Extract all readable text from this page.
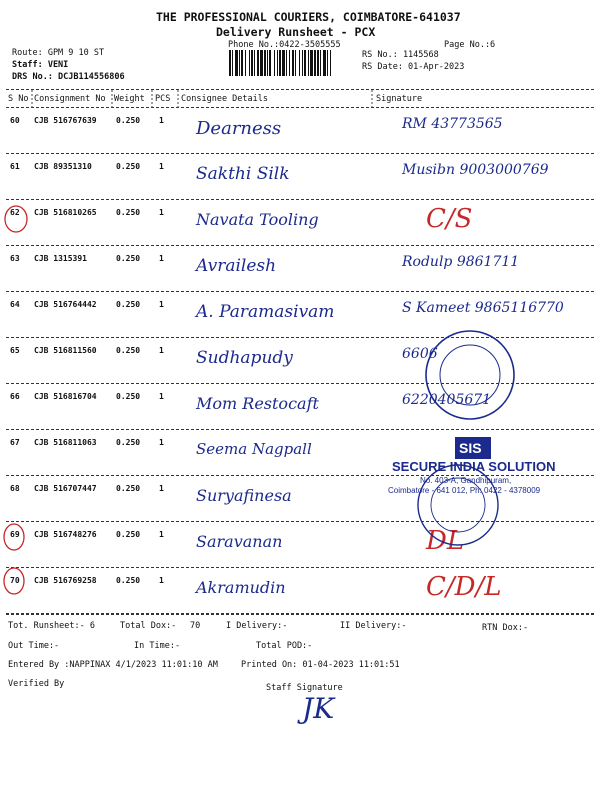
THE PROFESSIONAL COURIERS, COIMBATORE-641037
Delivery Runsheet - PCX
Phone No.:0422-3505555	Page No.:6
Route: GPM 9 10 ST
Staff: VENI
DRS No.: DCJB114556806
RS No.: 1145568
RS Date: 01-Apr-2023
S No Consignment No Weight PCS Consignee Details	Signature
60 CJB 516767639 0.250 1 Dearness	RM 43773565
61 CJB 89351310	0.250 1 Sakthi Silk	Musibn 9003000769
62 CJB 516810265 0.250 1 Navata Tooling	C/S
63 CJB 1315391	0.250 1 Avrailesh	Rodulp 9861711
64 CJB 516764442 0.250 1 A. Paramasivam	S Kameet 9865116770
65 CJB 516811560 0.250 1 Sudhapudy	6606
66 CJB 516816704 0.250 1 Mom Restocaft	6220405671
67 CJB 516811063 0.250 1 Seema Nagpall
68 CJB 516707447 0.250 1 Suryafinesa
69 CJB 516748276 0.250 1 Saravanan	DL
70 CJB 516769258 0.250 1 Akramudin	C/D/L
SIS
SECURE INDIA SOLUTION
No. 403-A, Gandhipuram,
Coimbatore - 641 012, Ph: 0422 - 4378009
Tot. Runsheet:- 6	Total Dox:- 70	I Delivery:-	II Delivery:-	RTN Dox:-
Out Time:-	In Time:-	Total POD:-
Entered By :NAPPINAX 4/1/2023 11:01:10 AM	Printed On: 01-04-2023 11:01:51
Verified By	Staff Signature
JK
